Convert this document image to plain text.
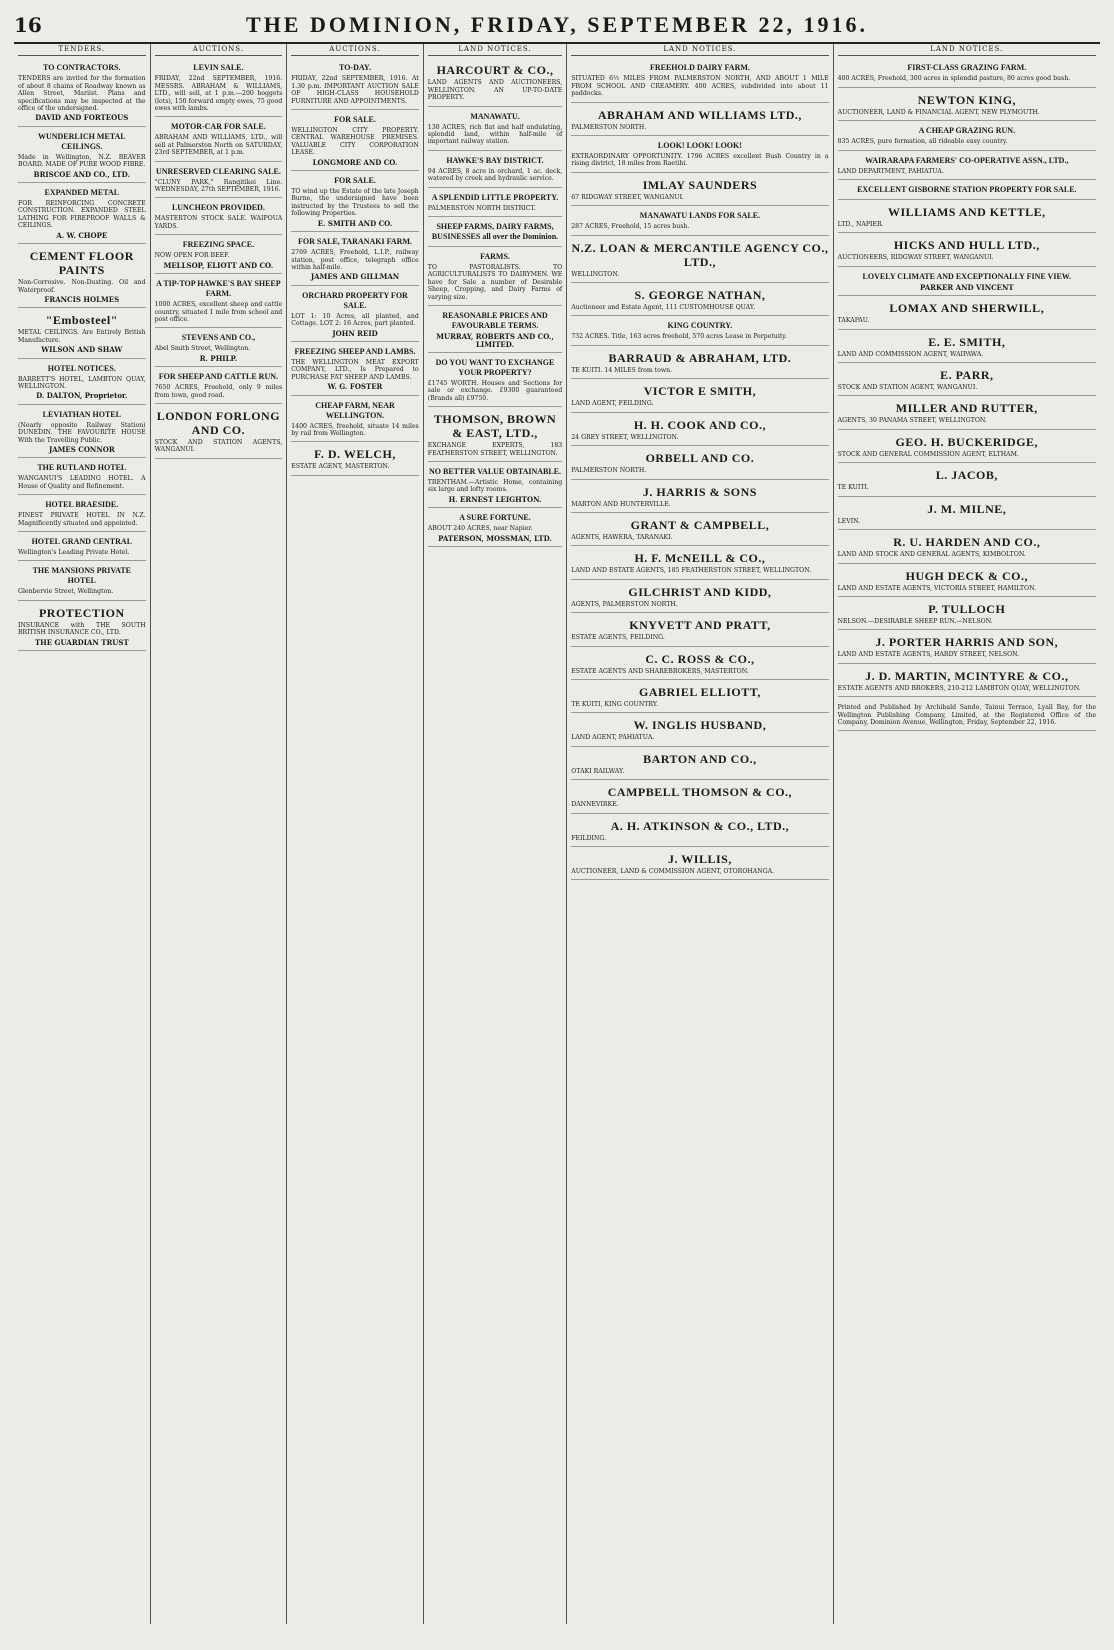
16	THE DOMINION, FRIDAY, SEPTEMBER 22, 1916.
TENDERS.
TO CONTRACTORS.
TENDERS are invited for the formation of about 8 chains of Roadway known as Allen Street, Mariist. Plans and specifications may be inspected at the office of the undersigned.
DAVID AND FORTEOUS
WUNDERLICH METAL CEILINGS.
Made in Wellington, N.Z. BEAVER BOARD. MADE OF PURE WOOD FIBRE.
BRISCOE AND CO., LTD.
EXPANDED METAL
FOR REINFORCING CONCRETE CONSTRUCTION. EXPANDED STEEL LATHING FOR FIREPROOF WALLS & CEILINGS.
A. W. CHOPE
CEMENT FLOOR PAINTS
Non-Corrosive. Non-Dusting. Oil and Waterproof.
FRANCIS HOLMES
"Embosteel"
METAL CEILINGS. Are Entirely British Manufacture.
WILSON AND SHAW
HOTEL NOTICES.
BARRETT'S HOTEL, LAMBTON QUAY, WELLINGTON.
D. DALTON, Proprietor.
LEVIATHAN HOTEL
(Nearly opposite Railway Station) DUNEDIN. THE FAVOURITE HOUSE With the Travelling Public.
JAMES CONNOR
THE RUTLAND HOTEL
WANGANUI'S LEADING HOTEL. A House of Quality and Refinement.
HOTEL BRAESIDE.
FINEST PRIVATE HOTEL IN N.Z. Magnificently situated and appointed.
HOTEL GRAND CENTRAL
Wellington's Leading Private Hotel.
THE MANSIONS PRIVATE HOTEL
Glenbervie Street, Wellington.
PROTECTION
INSURANCE with THE SOUTH BRITISH INSURANCE CO., LTD.
THE GUARDIAN TRUST
AUCTIONS.
LEVIN SALE.
FRIDAY, 22nd SEPTEMBER, 1916. MESSRS. ABRAHAM & WILLIAMS, LTD., will sell, at 1 p.m.—200 hoggets (lots), 150 forward empty ewes, 75 good ewes with lambs.
MOTOR-CAR FOR SALE.
ABRAHAM AND WILLIAMS, LTD., will sell at Palmerston North on SATURDAY, 23rd SEPTEMBER, at 1 p.m.
UNRESERVED CLEARING SALE.
"CLUNY PARK," Rangitikei Line. WEDNESDAY, 27th SEPTEMBER, 1916.
LUNCHEON PROVIDED.
MASTERTON STOCK SALE. WAIPOUA YARDS.
FREEZING SPACE.
NOW OPEN FOR BEEF.
MELLSOP, ELIOTT AND CO.
A TIP-TOP HAWKE'S BAY SHEEP FARM.
1000 ACRES, excellent sheep and cattle country, situated 1 mile from school and post office.
STEVENS AND CO.,
Abel Smith Street, Wellington.
R. PHILP.
FOR SHEEP AND CATTLE RUN.
7650 ACRES, Freehold, only 9 miles from town, good road.
LONDON FORLONG AND CO.
STOCK AND STATION AGENTS, WANGANUI.
AUCTIONS.
TO-DAY.
FRIDAY, 22nd SEPTEMBER, 1916. At 1.30 p.m. IMPORTANT AUCTION SALE OF HIGH-CLASS HOUSEHOLD FURNITURE AND APPOINTMENTS.
FOR SALE.
WELLINGTON CITY PROPERTY. CENTRAL WAREHOUSE PREMISES. VALUABLE CITY CORPORATION LEASE.
LONGMORE AND CO.
FOR SALE.
TO wind up the Estate of the late Joseph Burne, the undersigned have been instructed by the Trustees to sell the following Properties.
E. SMITH AND CO.
FOR SALE, TARANAKI FARM.
2769 ACRES, Freehold, L.I.P., railway station, post office, telegraph office within half-mile.
JAMES AND GILLMAN
ORCHARD PROPERTY FOR SALE.
LOT 1: 10 Acres, all planted, and Cottage. LOT 2: 16 Acres, part planted.
JOHN REID
FREEZING SHEEP AND LAMBS.
THE WELLINGTON MEAT EXPORT COMPANY, LTD., Is Prepared to PURCHASE FAT SHEEP AND LAMBS.
W. G. FOSTER
CHEAP FARM, NEAR WELLINGTON.
1400 ACRES, freehold, situate 14 miles by rail from Wellington.
F. D. WELCH,
ESTATE AGENT, MASTERTON.
LAND NOTICES.
HARCOURT & CO.,
LAND AGENTS AND AUCTIONEERS, WELLINGTON. AN UP-TO-DATE PROPERTY.
MANAWATU.
130 ACRES, rich flat and half undulating, splendid land, within half-mile of important railway station.
HAWKE'S BAY DISTRICT.
94 ACRES, 8 acre in orchard, 1 ac. deck, watered by creek and hydraulic service.
A SPLENDID LITTLE PROPERTY.
PALMERSTON NORTH DISTRICT.
SHEEP FARMS, DAIRY FARMS, BUSINESSES all over the Dominion.
FARMS.
TO PASTORALISTS. TO AGRICULTURALISTS TO DAIRYMEN. WE have for Sale a number of Desirable Sheep, Cropping, and Dairy Farms of varying size.
REASONABLE PRICES AND FAVOURABLE TERMS.
MURRAY, ROBERTS AND CO., LIMITED.
DO YOU WANT TO EXCHANGE YOUR PROPERTY?
£1745 WORTH. Houses and Sections for sale or exchange. £9300 guaranteed (Brands all) £9750.
THOMSON, BROWN & EAST, LTD.,
EXCHANGE EXPERTS, 183 FEATHERSTON STREET, WELLINGTON.
NO BETTER VALUE OBTAINABLE.
TRENTHAM.—Artistic Home, containing six large and lofty rooms.
H. ERNEST LEIGHTON.
A SURE FORTUNE.
ABOUT 240 ACRES, near Napier.
PATERSON, MOSSMAN, LTD.
LAND NOTICES.
FREEHOLD DAIRY FARM.
SITUATED 6½ MILES FROM PALMERSTON NORTH, AND ABOUT 1 MILE FROM SCHOOL AND CREAMERY. 400 ACRES, subdivided into about 11 paddocks.
ABRAHAM AND WILLIAMS LTD.,
PALMERSTON NORTH.
LOOK! LOOK! LOOK!
EXTRAORDINARY OPPORTUNITY. 1796 ACRES excellent Bush Country in a rising district, 18 miles from Raetihi.
IMLAY SAUNDERS
67 RIDGWAY STREET, WANGANUI.
MANAWATU LANDS FOR SALE.
287 ACRES, Freehold, 15 acres bush.
N.Z. LOAN & MERCANTILE AGENCY CO., LTD.,
WELLINGTON.
S. GEORGE NATHAN,
Auctioneer and Estate Agent, 111 CUSTOMHOUSE QUAY.
KING COUNTRY.
732 ACRES. Title, 163 acres freehold, 570 acres Lease in Perpetuity.
BARRAUD & ABRAHAM, LTD.
TE KUITI. 14 MILES from town.
VICTOR E SMITH,
LAND AGENT, FEILDING.
H. H. COOK AND CO.,
24 GREY STREET, WELLINGTON.
ORBELL AND CO.
PALMERSTON NORTH.
J. HARRIS & SONS
MARTON AND HUNTERVILLE.
GRANT & CAMPBELL,
AGENTS, HAWERA, TARANAKI.
H. F. McNEILL & CO.,
LAND AND ESTATE AGENTS, 185 FEATHERSTON STREET, WELLINGTON.
GILCHRIST AND KIDD,
AGENTS, PALMERSTON NORTH.
KNYVETT AND PRATT,
ESTATE AGENTS, FEILDING.
C. C. ROSS & CO.,
ESTATE AGENTS AND SHAREBROKERS, MASTERTON.
GABRIEL ELLIOTT,
TE KUITI, KING COUNTRY.
W. INGLIS HUSBAND,
LAND AGENT, PAHIATUA.
BARTON AND CO.,
OTAKI RAILWAY.
CAMPBELL THOMSON & CO.,
DANNEVIRKE.
A. H. ATKINSON & CO., LTD.,
FEILDING.
J. WILLIS,
AUCTIONEER, LAND & COMMISSION AGENT, OTOROHANGA.
LAND NOTICES.
FIRST-CLASS GRAZING FARM.
400 ACRES, Freehold, 300 acres in splendid pasture, 80 acres good bush.
NEWTON KING,
AUCTIONEER, LAND & FINANCIAL AGENT, NEW PLYMOUTH.
A CHEAP GRAZING RUN.
835 ACRES, pure formation, all rideable easy country.
WAIRARAPA FARMERS' CO-OPERATIVE ASSN., LTD.,
LAND DEPARTMENT, PAHIATUA.
EXCELLENT GISBORNE STATION PROPERTY FOR SALE.
WILLIAMS AND KETTLE,
LTD., NAPIER.
HICKS AND HULL LTD.,
AUCTIONEERS, RIDGWAY STREET, WANGANUI.
LOVELY CLIMATE AND EXCEPTIONALLY FINE VIEW.
PARKER AND VINCENT
LOMAX AND SHERWILL,
TAKAPAU.
E. E. SMITH,
LAND AND COMMISSION AGENT, WAIPAWA.
E. PARR,
STOCK AND STATION AGENT, WANGANUI.
MILLER AND RUTTER,
AGENTS, 30 PANAMA STREET, WELLINGTON.
GEO. H. BUCKERIDGE,
STOCK AND GENERAL COMMISSION AGENT, ELTHAM.
L. JACOB,
TE KUITI.
J. M. MILNE,
LEVIN.
R. U. HARDEN AND CO.,
LAND AND STOCK AND GENERAL AGENTS, KIMBOLTON.
HUGH DECK & CO.,
LAND AND ESTATE AGENTS, VICTORIA STREET, HAMILTON.
P. TULLOCH
NELSON.—DESIRABLE SHEEP RUN.—NELSON.
J. PORTER HARRIS AND SON,
LAND AND ESTATE AGENTS, HARDY STREET, NELSON.
J. D. MARTIN, MCINTYRE & CO.,
ESTATE AGENTS AND BROKERS, 210-212 LAMBTON QUAY, WELLINGTON.
Printed and Published by Archibald Sando, Tainui Terrace, Lyall Bay, for the Wellington Publishing Company, Limited, at the Registered Office of the Company, Dominion Avenue, Wellington, Friday, September 22, 1916.
